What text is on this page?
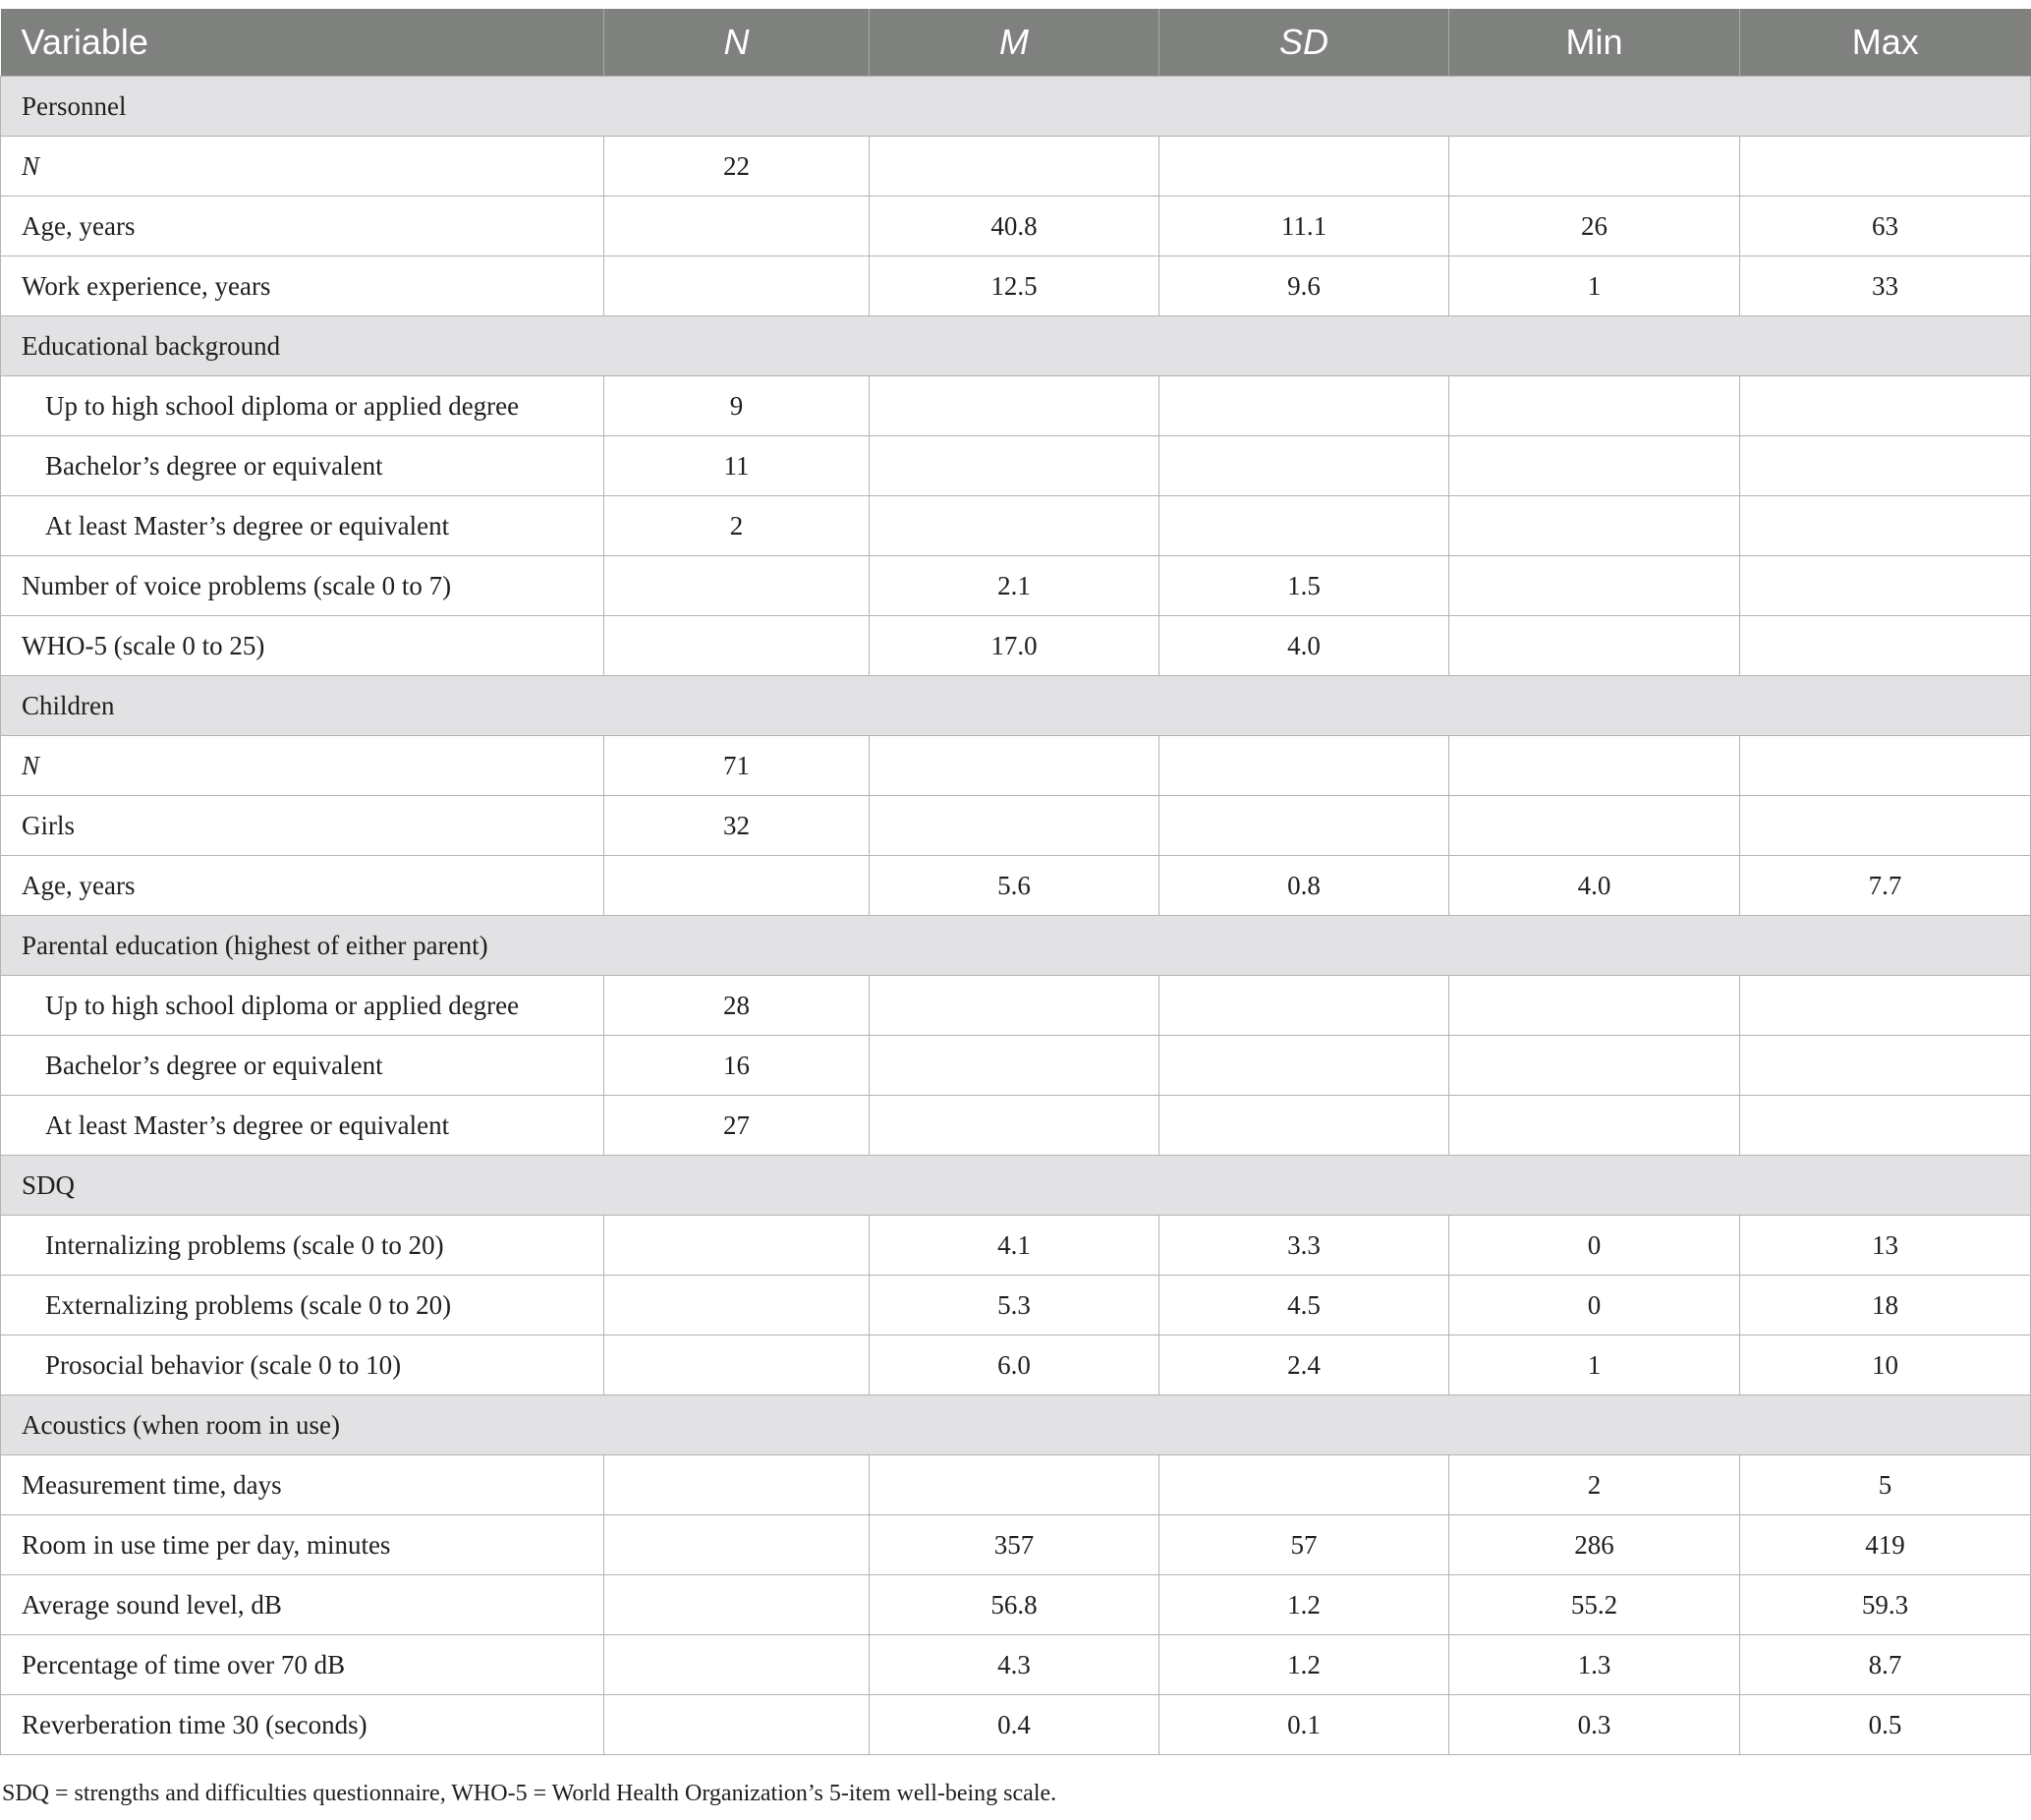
Variable	N	M	SD	Min	Max
Personnel					
N	22				
Age, years		40.8	11.1	26	63
Work experience, years		12.5	9.6	1	33
Educational background					
Up to high school diploma or applied degree	9				
Bachelor’s degree or equivalent	11				
At least Master’s degree or equivalent	2				
Number of voice problems (scale 0 to 7)		2.1	1.5		
WHO-5 (scale 0 to 25)		17.0	4.0		
Children					
N	71				
Girls	32				
Age, years		5.6	0.8	4.0	7.7
Parental education (highest of either parent)					
Up to high school diploma or applied degree	28				
Bachelor’s degree or equivalent	16				
At least Master’s degree or equivalent	27				
SDQ					
Internalizing problems (scale 0 to 20)		4.1	3.3	0	13
Externalizing problems (scale 0 to 20)		5.3	4.5	0	18
Prosocial behavior (scale 0 to 10)		6.0	2.4	1	10
Acoustics (when room in use)					
Measurement time, days				2	5
Room in use time per day, minutes		357	57	286	419
Average sound level, dB		56.8	1.2	55.2	59.3
Percentage of time over 70 dB		4.3	1.2	1.3	8.7
Reverberation time 30 (seconds)		0.4	0.1	0.3	0.5
SDQ = strengths and difficulties questionnaire, WHO-5 = World Health Organization’s 5-item well-being scale.
